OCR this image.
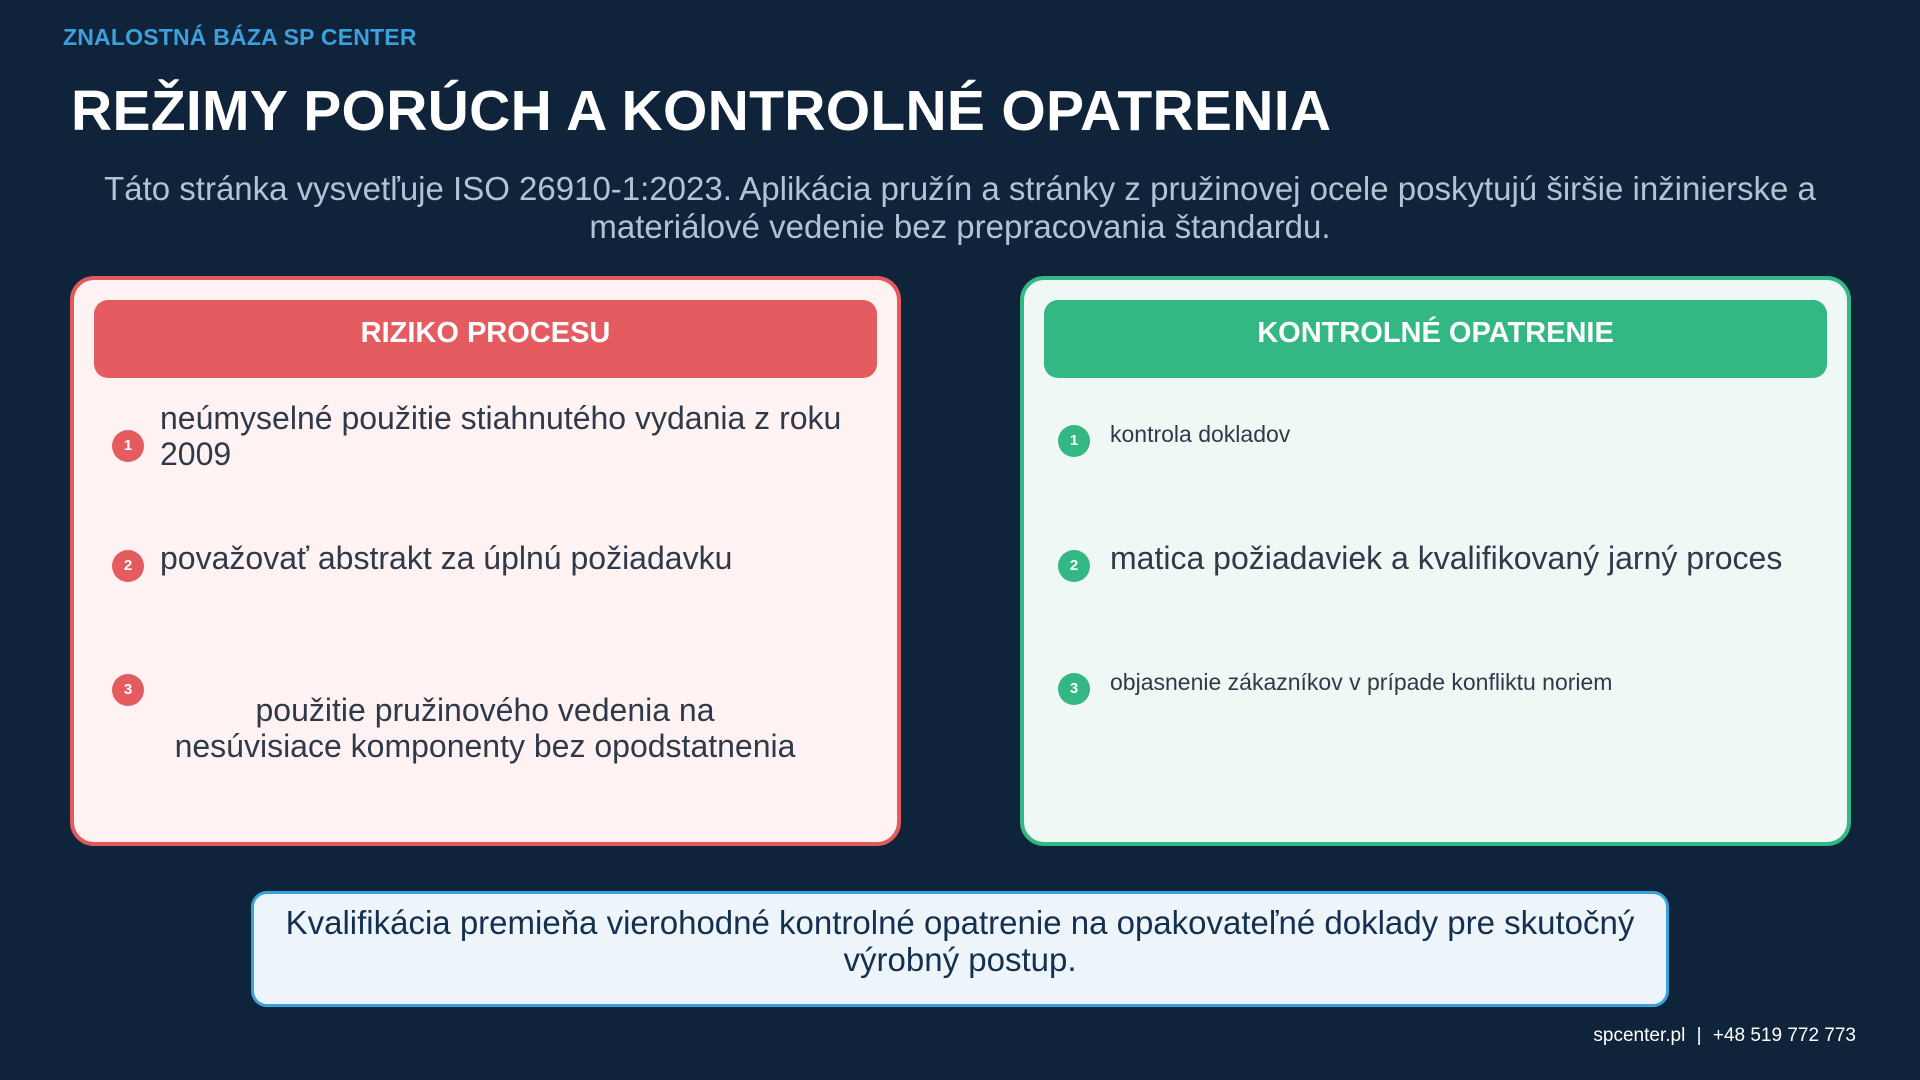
ZNALOSTNÁ BÁZA SP CENTER
REŽIMY PORÚCH A KONTROLNÉ OPATRENIA
Táto stránka vysvetľuje ISO 26910-1:2023. Aplikácia pružín a stránky z pružinovej ocele poskytujú širšie inžinierske a materiálové vedenie bez prepracovania štandardu.
RIZIKO PROCESU
1
neúmyselné použitie stiahnutého vydania z roku 2009
2 považovať abstrakt za úplnú požiadavku
3
použitie pružinového vedenia na nesúvisiace komponenty bez opodstatnenia
KONTROLNÉ OPATRENIE
1	kontrola dokladov
2 matica požiadaviek a kvalifikovaný jarný proces
3	objasnenie zákazníkov v prípade konfliktu noriem
Kvalifikácia premieňa vierohodné kontrolné opatrenie na opakovateľné doklady pre skutočný výrobný postup.
spcenter.pl | +48 519 772 773
